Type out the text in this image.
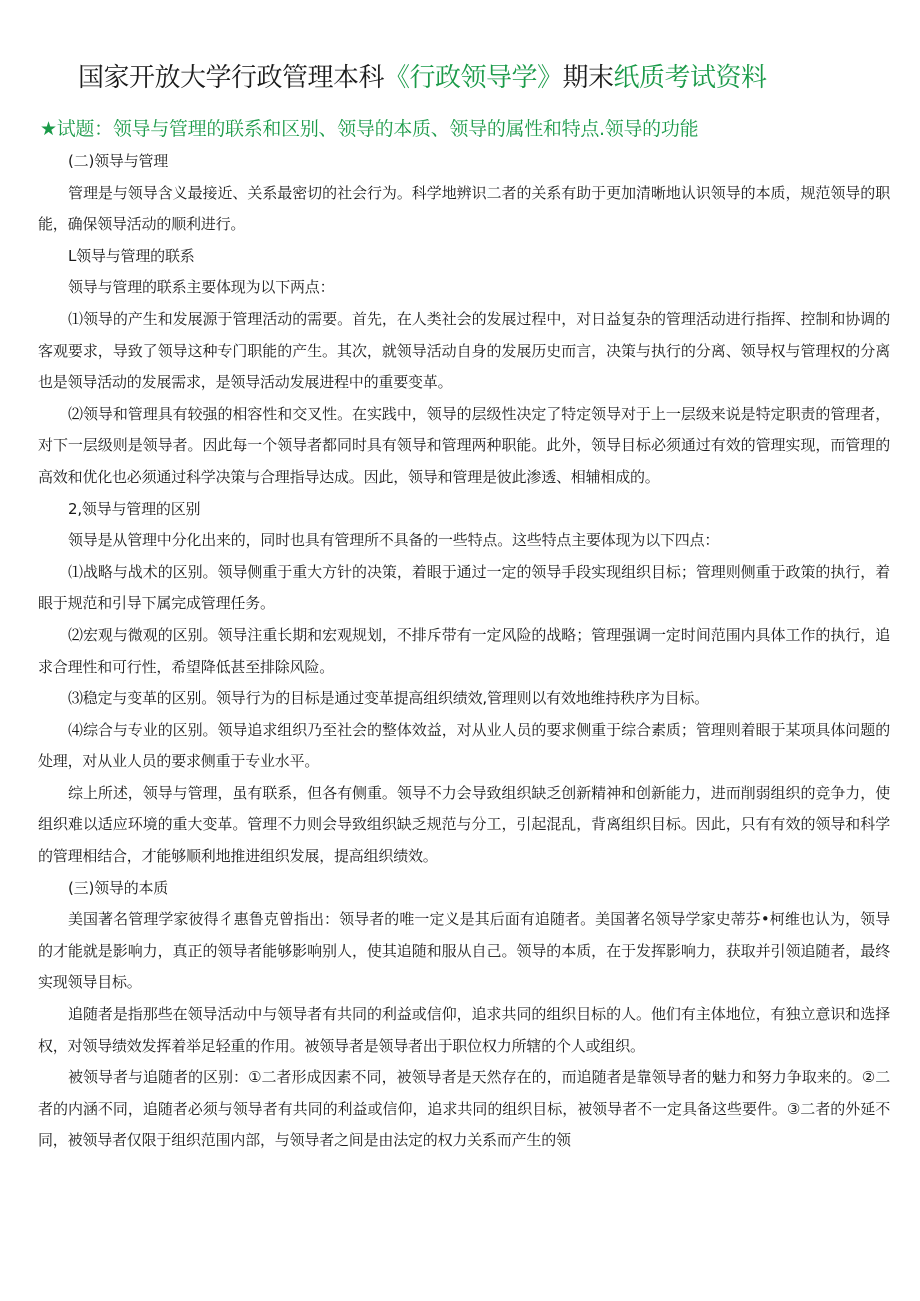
国家开放大学行政管理本科《行政领导学》期末纸质考试资料
★试题：领导与管理的联系和区别、领导的本质、领导的属性和特点.领导的功能

(二)领导与管理

管理是与领导含义最接近、关系最密切的社会行为。科学地辨识二者的关系有助于更加清晰地认识领导的本质，规范领导的职能，确保领导活动的顺利进行。

L领导与管理的联系

领导与管理的联系主要体现为以下两点：

⑴领导的产生和发展源于管理活动的需要。首先，在人类社会的发展过程中，对日益复杂的管理活动进行指挥、控制和协调的客观要求，导致了领导这种专门职能的产生。其次，就领导活动自身的发展历史而言，决策与执行的分离、领导权与管理权的分离也是领导活动的发展需求，是领导活动发展进程中的重要变革。

⑵领导和管理具有较强的相容性和交叉性。在实践中，领导的层级性决定了特定领导对于上一层级来说是特定职责的管理者，对下一层级则是领导者。因此每一个领导者都同时具有领导和管理两种职能。此外，领导目标必须通过有效的管理实现，而管理的高效和优化也必须通过科学决策与合理指导达成。因此，领导和管理是彼此渗透、相辅相成的。

2,领导与管理的区别

领导是从管理中分化出来的，同时也具有管理所不具备的一些特点。这些特点主要体现为以下四点：

⑴战略与战术的区别。领导侧重于重大方针的决策，着眼于通过一定的领导手段实现组织目标；管理则侧重于政策的执行，着眼于规范和引导下属完成管理任务。

⑵宏观与微观的区别。领导注重长期和宏观规划，不排斥带有一定风险的战略；管理强调一定时间范围内具体工作的执行，追求合理性和可行性，希望降低甚至排除风险。

⑶稳定与变革的区别。领导行为的目标是通过变革提高组织绩效,管理则以有效地维持秩序为目标。

⑷综合与专业的区别。领导追求组织乃至社会的整体效益，对从业人员的要求侧重于综合素质；管理则着眼于某项具体问题的处理，对从业人员的要求侧重于专业水平。

综上所述，领导与管理，虽有联系，但各有侧重。领导不力会导致组织缺乏创新精神和创新能力，进而削弱组织的竞争力，使组织难以适应环境的重大变革。管理不力则会导致组织缺乏规范与分工，引起混乱，背离组织目标。因此，只有有效的领导和科学的管理相结合，才能够顺利地推进组织发展，提高组织绩效。

(三)领导的本质

美国著名管理学家彼得彳惠鲁克曾指出：领导者的唯一定义是其后面有追随者。美国著名领导学家史蒂芬•柯维也认为，领导的才能就是影响力，真正的领导者能够影响别人，使其追随和服从自己。领导的本质，在于发挥影响力，获取并引领追随者，最终实现领导目标。

追随者是指那些在领导活动中与领导者有共同的利益或信仰，追求共同的组织目标的人。他们有主体地位，有独立意识和选择权，对领导绩效发挥着举足轻重的作用。被领导者是领导者出于职位权力所辖的个人或组织。

被领导者与追随者的区别：①二者形成因素不同，被领导者是天然存在的，而追随者是靠领导者的魅力和努力争取来的。②二者的内涵不同，追随者必须与领导者有共同的利益或信仰，追求共同的组织目标，被领导者不一定具备这些要件。③二者的外延不同，被领导者仅限于组织范围内部，与领导者之间是由法定的权力关系而产生的领
